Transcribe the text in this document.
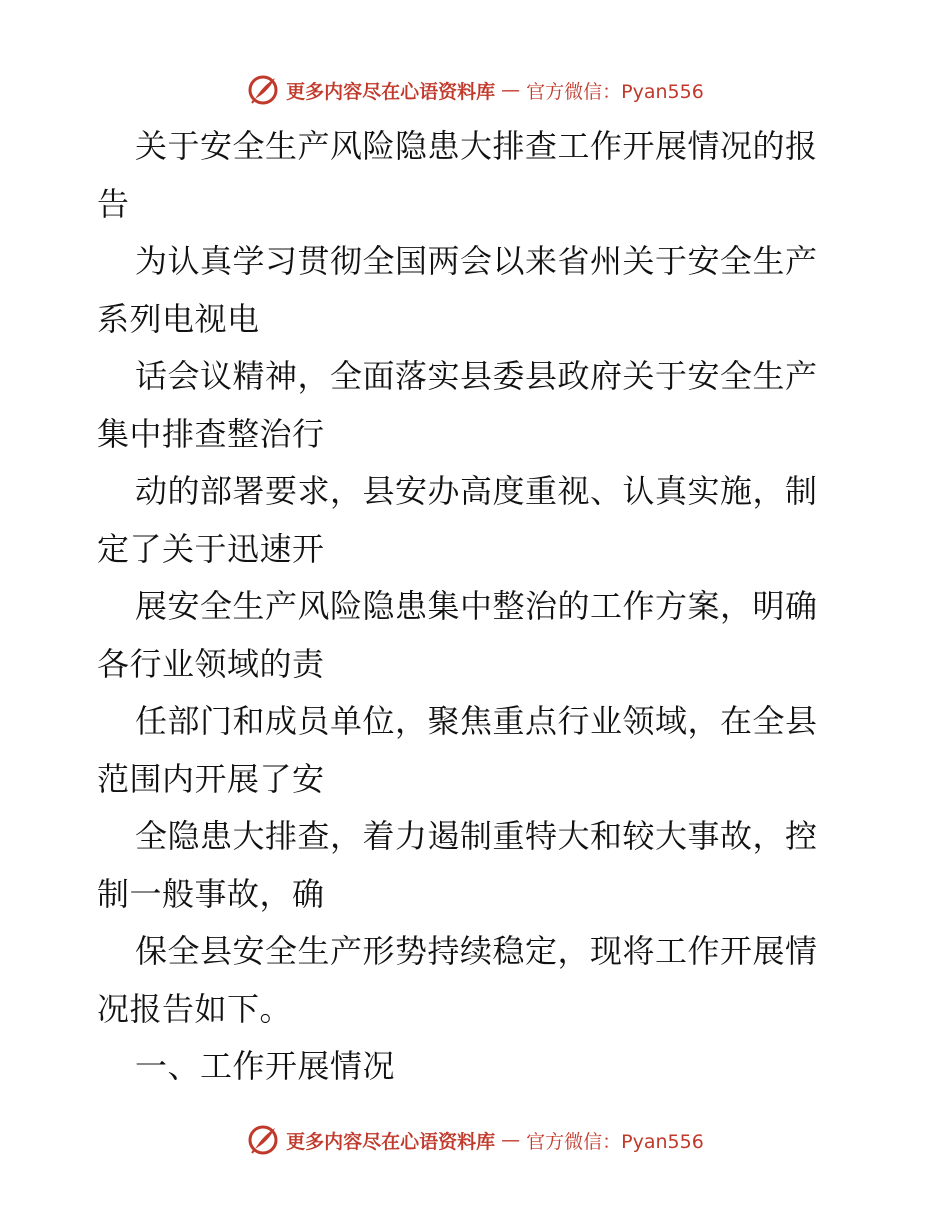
更多内容尽在心语资料库 — 官方微信：Pyan556
关于安全生产风险隐患大排查工作开展情况的报
告
为认真学习贯彻全国两会以来省州关于安全生产
系列电视电
话会议精神，全面落实县委县政府关于安全生产
集中排查整治行
动的部署要求，县安办高度重视、认真实施，制
定了关于迅速开
展安全生产风险隐患集中整治的工作方案，明确
各行业领域的责
任部门和成员单位，聚焦重点行业领域，在全县
范围内开展了安
全隐患大排查，着力遏制重特大和较大事故，控
制一般事故，确
保全县安全生产形势持续稳定，现将工作开展情
况报告如下。
一、工作开展情况
更多内容尽在心语资料库 — 官方微信：Pyan556
